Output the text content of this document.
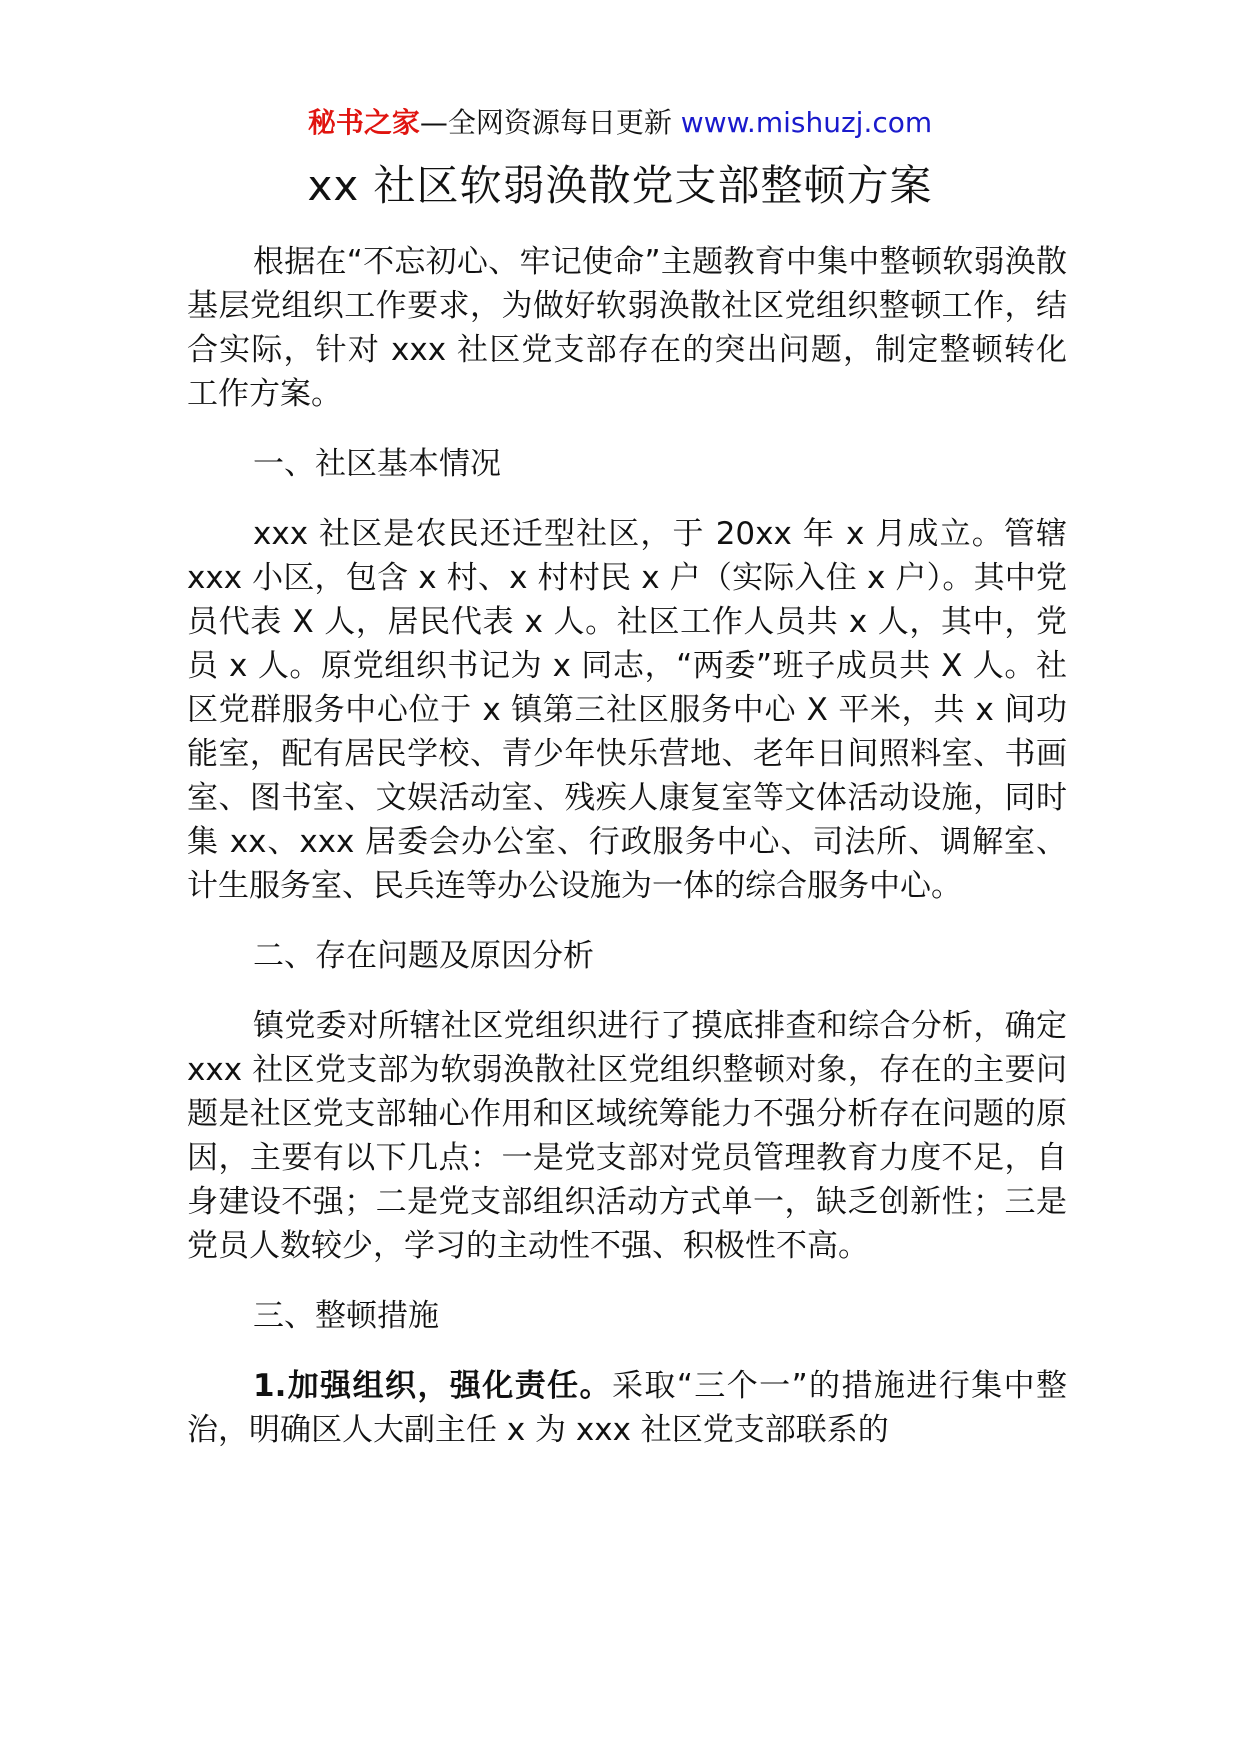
秘书之家—全网资源每日更新 www.mishuzj.com
xx 社区软弱涣散党支部整顿方案

根据在“不忘初心、牢记使命”主题教育中集中整顿软弱涣散基层党组织工作要求，为做好软弱涣散社区党组织整顿工作，结合实际，针对 xxx 社区党支部存在的突出问题，制定整顿转化工作方案。

一、社区基本情况

xxx 社区是农民还迁型社区，于 20xx 年 x 月成立。管辖 xxx 小区，包含 x 村、x 村村民 x 户（实际入住 x 户）。其中党员代表 X 人，居民代表 x 人。社区工作人员共 x 人，其中，党员 x 人。原党组织书记为 x 同志，“两委”班子成员共 X 人。社区党群服务中心位于 x 镇第三社区服务中心 X 平米，共 x 间功能室，配有居民学校、青少年快乐营地、老年日间照料室、书画室、图书室、文娱活动室、残疾人康复室等文体活动设施，同时集 xx、xxx 居委会办公室、行政服务中心、司法所、调解室、计生服务室、民兵连等办公设施为一体的综合服务中心。

二、存在问题及原因分析

镇党委对所辖社区党组织进行了摸底排查和综合分析，确定 xxx 社区党支部为软弱涣散社区党组织整顿对象，存在的主要问题是社区党支部轴心作用和区域统筹能力不强分析存在问题的原因，主要有以下几点：一是党支部对党员管理教育力度不足，自身建设不强；二是党支部组织活动方式单一，缺乏创新性；三是党员人数较少，学习的主动性不强、积极性不高。

三、整顿措施

1.加强组织，强化责任。采取“三个一”的措施进行集中整治，明确区人大副主任 x 为 xxx 社区党支部联系的
